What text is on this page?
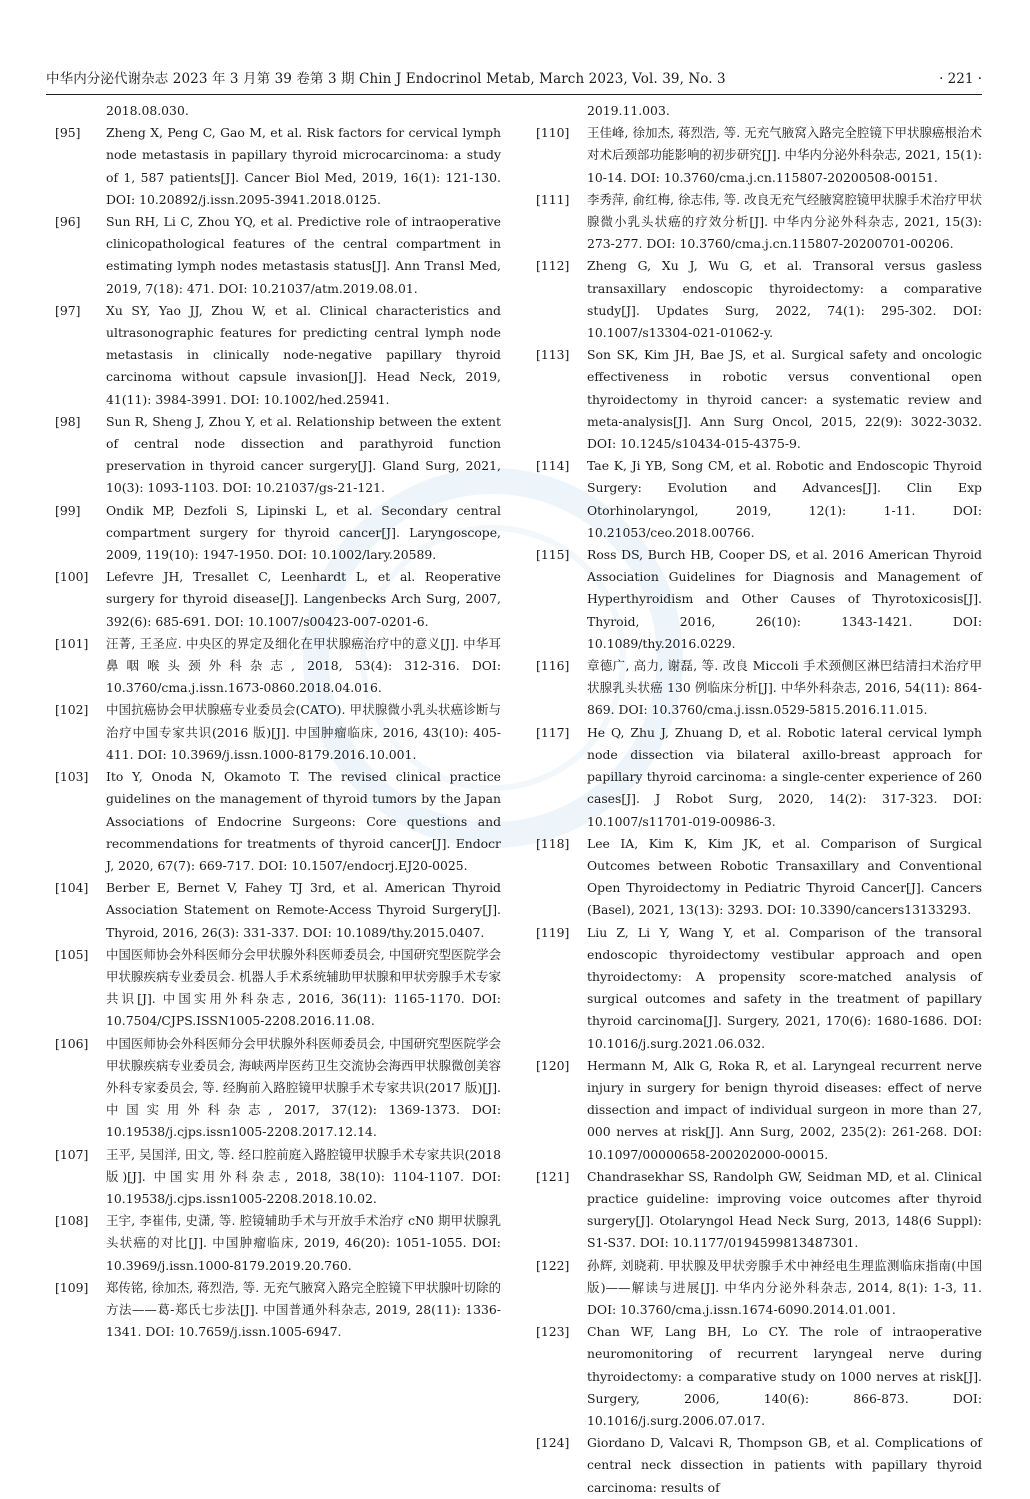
中华内分泌代谢杂志 2023 年 3 月第 39 卷第 3 期 Chin J Endocrinol Metab, March 2023, Vol. 39, No. 3	· 221 ·
2018.08.030.
[95]	Zheng X, Peng C, Gao M, et al. Risk factors for cervical lymph node metastasis in papillary thyroid microcarcinoma: a study of 1, 587 patients[J]. Cancer Biol Med, 2019, 16(1): 121-130. DOI: 10.20892/j.issn.2095-3941.2018.0125.
[96]	Sun RH, Li C, Zhou YQ, et al. Predictive role of intraoperative clinicopathological features of the central compartment in estimating lymph nodes metastasis status[J]. Ann Transl Med, 2019, 7(18): 471. DOI: 10.21037/atm.2019.08.01.
[97]	Xu SY, Yao JJ, Zhou W, et al. Clinical characteristics and ultrasonographic features for predicting central lymph node metastasis in clinically node-negative papillary thyroid carcinoma without capsule invasion[J]. Head Neck, 2019, 41(11): 3984-3991. DOI: 10.1002/hed.25941.
[98]	Sun R, Sheng J, Zhou Y, et al. Relationship between the extent of central node dissection and parathyroid function preservation in thyroid cancer surgery[J]. Gland Surg, 2021, 10(3): 1093-1103. DOI: 10.21037/gs-21-121.
[99]	Ondik MP, Dezfoli S, Lipinski L, et al. Secondary central compartment surgery for thyroid cancer[J]. Laryngoscope, 2009, 119(10): 1947-1950. DOI: 10.1002/lary.20589.
[100]	Lefevre JH, Tresallet C, Leenhardt L, et al. Reoperative surgery for thyroid disease[J]. Langenbecks Arch Surg, 2007, 392(6): 685-691. DOI: 10.1007/s00423-007-0201-6.
[101]	汪菁, 王圣应. 中央区的界定及细化在甲状腺癌治疗中的意义[J]. 中华耳鼻咽喉头颈外科杂志, 2018, 53(4): 312-316. DOI: 10.3760/cma.j.issn.1673-0860.2018.04.016.
[102]	中国抗癌协会甲状腺癌专业委员会(CATO). 甲状腺微小乳头状癌诊断与治疗中国专家共识(2016 版)[J]. 中国肿瘤临床, 2016, 43(10): 405-411. DOI: 10.3969/j.issn.1000-8179.2016.10.001.
[103]	Ito Y, Onoda N, Okamoto T. The revised clinical practice guidelines on the management of thyroid tumors by the Japan Associations of Endocrine Surgeons: Core questions and recommendations for treatments of thyroid cancer[J]. Endocr J, 2020, 67(7): 669-717. DOI: 10.1507/endocrj.EJ20-0025.
[104]	Berber E, Bernet V, Fahey TJ 3rd, et al. American Thyroid Association Statement on Remote-Access Thyroid Surgery[J]. Thyroid, 2016, 26(3): 331-337. DOI: 10.1089/thy.2015.0407.
[105]	中国医师协会外科医师分会甲状腺外科医师委员会, 中国研究型医院学会甲状腺疾病专业委员会. 机器人手术系统辅助甲状腺和甲状旁腺手术专家共识[J]. 中国实用外科杂志, 2016, 36(11): 1165-1170. DOI: 10.7504/CJPS.ISSN1005-2208.2016.11.08.
[106]	中国医师协会外科医师分会甲状腺外科医师委员会, 中国研究型医院学会甲状腺疾病专业委员会, 海峡两岸医药卫生交流协会海西甲状腺微创美容外科专家委员会, 等. 经胸前入路腔镜甲状腺手术专家共识(2017 版)[J]. 中国实用外科杂志, 2017, 37(12): 1369-1373. DOI: 10.19538/j.cjps.issn1005-2208.2017.12.14.
[107]	王平, 吴国洋, 田文, 等. 经口腔前庭入路腔镜甲状腺手术专家共识(2018 版)[J]. 中国实用外科杂志, 2018, 38(10): 1104-1107. DOI: 10.19538/j.cjps.issn1005-2208.2018.10.02.
[108]	王宇, 李崔伟, 史潇, 等. 腔镜辅助手术与开放手术治疗 cN0 期甲状腺乳头状癌的对比[J]. 中国肿瘤临床, 2019, 46(20): 1051-1055. DOI: 10.3969/j.issn.1000-8179.2019.20.760.
[109]	郑传铭, 徐加杰, 蒋烈浩, 等. 无充气腋窝入路完全腔镜下甲状腺叶切除的方法——葛-郑氏七步法[J]. 中国普通外科杂志, 2019, 28(11): 1336-1341. DOI: 10.7659/j.issn.1005-6947.
2019.11.003.
[110]	王佳峰, 徐加杰, 蒋烈浩, 等. 无充气腋窝入路完全腔镜下甲状腺癌根治术对术后颈部功能影响的初步研究[J]. 中华内分泌外科杂志, 2021, 15(1): 10-14. DOI: 10.3760/cma.j.cn.115807-20200508-00151.
[111]	李秀萍, 俞红梅, 徐志伟, 等. 改良无充气经腋窝腔镜甲状腺手术治疗甲状腺微小乳头状癌的疗效分析[J]. 中华内分泌外科杂志, 2021, 15(3): 273-277. DOI: 10.3760/cma.j.cn.115807-20200701-00206.
[112]	Zheng G, Xu J, Wu G, et al. Transoral versus gasless transaxillary endoscopic thyroidectomy: a comparative study[J]. Updates Surg, 2022, 74(1): 295-302. DOI: 10.1007/s13304-021-01062-y.
[113]	Son SK, Kim JH, Bae JS, et al. Surgical safety and oncologic effectiveness in robotic versus conventional open thyroidectomy in thyroid cancer: a systematic review and meta-analysis[J]. Ann Surg Oncol, 2015, 22(9): 3022-3032. DOI: 10.1245/s10434-015-4375-9.
[114]	Tae K, Ji YB, Song CM, et al. Robotic and Endoscopic Thyroid Surgery: Evolution and Advances[J]. Clin Exp Otorhinolaryngol, 2019, 12(1): 1-11. DOI: 10.21053/ceo.2018.00766.
[115]	Ross DS, Burch HB, Cooper DS, et al. 2016 American Thyroid Association Guidelines for Diagnosis and Management of Hyperthyroidism and Other Causes of Thyrotoxicosis[J]. Thyroid, 2016, 26(10): 1343-1421. DOI: 10.1089/thy.2016.0229.
[116]	章德广, 高力, 谢磊, 等. 改良 Miccoli 手术颈侧区淋巴结清扫术治疗甲状腺乳头状癌 130 例临床分析[J]. 中华外科杂志, 2016, 54(11): 864-869. DOI: 10.3760/cma.j.issn.0529-5815.2016.11.015.
[117]	He Q, Zhu J, Zhuang D, et al. Robotic lateral cervical lymph node dissection via bilateral axillo-breast approach for papillary thyroid carcinoma: a single-center experience of 260 cases[J]. J Robot Surg, 2020, 14(2): 317-323. DOI: 10.1007/s11701-019-00986-3.
[118]	Lee IA, Kim K, Kim JK, et al. Comparison of Surgical Outcomes between Robotic Transaxillary and Conventional Open Thyroidectomy in Pediatric Thyroid Cancer[J]. Cancers (Basel), 2021, 13(13): 3293. DOI: 10.3390/cancers13133293.
[119]	Liu Z, Li Y, Wang Y, et al. Comparison of the transoral endoscopic thyroidectomy vestibular approach and open thyroidectomy: A propensity score-matched analysis of surgical outcomes and safety in the treatment of papillary thyroid carcinoma[J]. Surgery, 2021, 170(6): 1680-1686. DOI: 10.1016/j.surg.2021.06.032.
[120]	Hermann M, Alk G, Roka R, et al. Laryngeal recurrent nerve injury in surgery for benign thyroid diseases: effect of nerve dissection and impact of individual surgeon in more than 27, 000 nerves at risk[J]. Ann Surg, 2002, 235(2): 261-268. DOI: 10.1097/00000658-200202000-00015.
[121]	Chandrasekhar SS, Randolph GW, Seidman MD, et al. Clinical practice guideline: improving voice outcomes after thyroid surgery[J]. Otolaryngol Head Neck Surg, 2013, 148(6 Suppl): S1-S37. DOI: 10.1177/0194599813487301.
[122]	孙辉, 刘晓莉. 甲状腺及甲状旁腺手术中神经电生理监测临床指南(中国版)——解读与进展[J]. 中华内分泌外科杂志, 2014, 8(1): 1-3, 11. DOI: 10.3760/cma.j.issn.1674-6090.2014.01.001.
[123]	Chan WF, Lang BH, Lo CY. The role of intraoperative neuromonitoring of recurrent laryngeal nerve during thyroidectomy: a comparative study on 1000 nerves at risk[J]. Surgery, 2006, 140(6): 866-873. DOI: 10.1016/j.surg.2006.07.017.
[124]	Giordano D, Valcavi R, Thompson GB, et al. Complications of central neck dissection in patients with papillary thyroid carcinoma: results of
